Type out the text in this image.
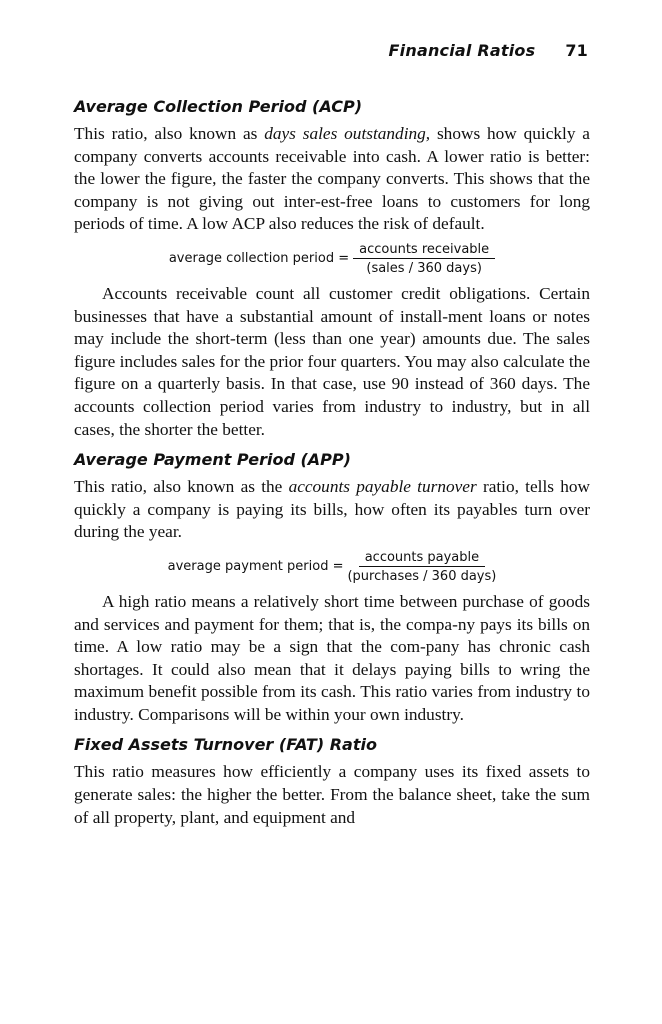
Financial Ratios 71
Average Collection Period (ACP)

This ratio, also known as days sales outstanding, shows how quickly a company converts accounts receivable into cash. A lower ratio is better: the lower the figure, the faster the company converts. This shows that the company is not giving out inter-est-free loans to customers for long periods of time. A low ACP also reduces the risk of default.

average collection period = $\frac{\text{accounts receivable}}{\text{(sales / 360 days)}}$

Accounts receivable count all customer credit obligations. Certain businesses that have a substantial amount of install-ment loans or notes may include the short-term (less than one year) amounts due. The sales figure includes sales for the prior four quarters. You may also calculate the figure on a quarterly basis. In that case, use 90 instead of 360 days. The accounts collection period varies from industry to industry, but in all cases, the shorter the better.

Average Payment Period (APP)

This ratio, also known as the accounts payable turnover ratio, tells how quickly a company is paying its bills, how often its payables turn over during the year.

average payment period = $\frac{\text{accounts payable}}{\text{(purchases / 360 days)}}$

A high ratio means a relatively short time between purchase of goods and services and payment for them; that is, the compa-ny pays its bills on time. A low ratio may be a sign that the com-pany has chronic cash shortages. It could also mean that it delays paying bills to wring the maximum benefit possible from its cash. This ratio varies from industry to industry. Comparisons will be within your own industry.

Fixed Assets Turnover (FAT) Ratio

This ratio measures how efficiently a company uses its fixed assets to generate sales: the higher the better. From the balance sheet, take the sum of all property, plant, and equipment and
